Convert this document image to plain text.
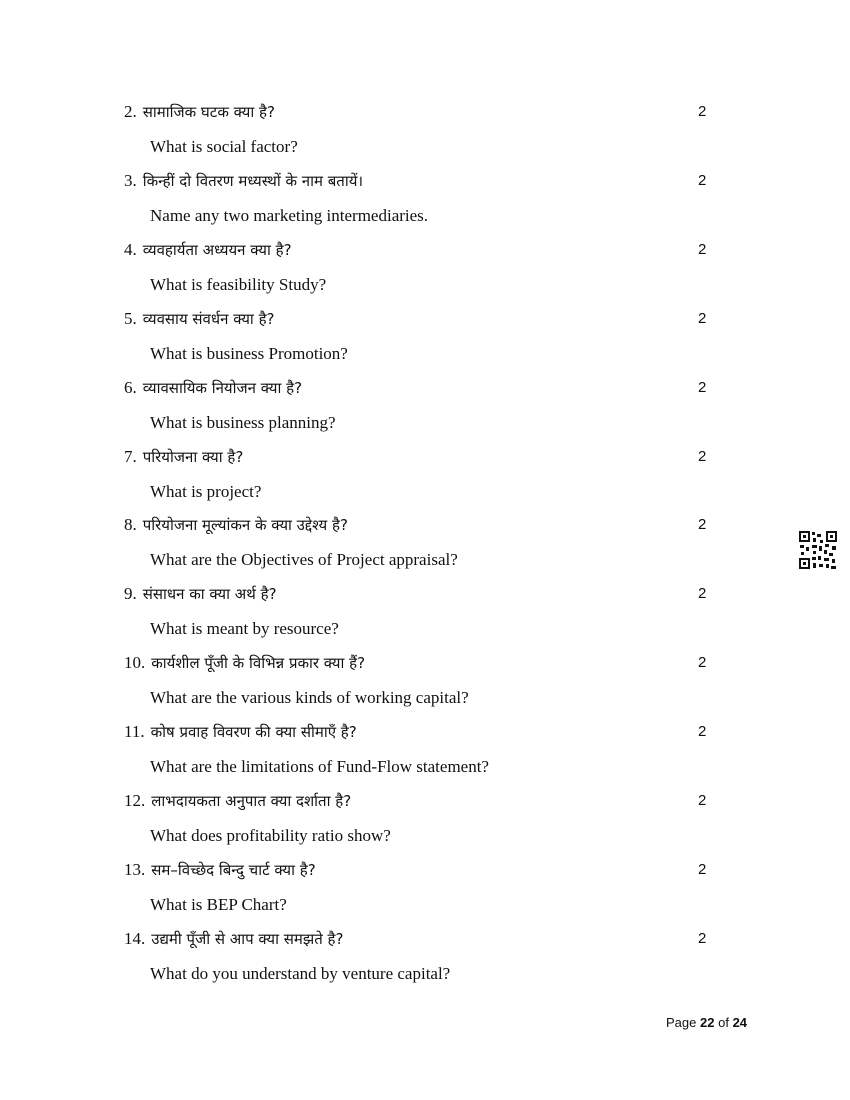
2. सामाजिक घटक क्या है?	2
What is social factor?
3. किन्हीं दो वितरण मध्यस्थों के नाम बतायें।	2
Name any two marketing intermediaries.
4. व्यवहार्यता अध्ययन क्या है?	2
What is feasibility Study?
5. व्यवसाय संवर्धन क्या है?	2
What is business Promotion?
6. व्यावसायिक नियोजन क्या है?	2
What is business planning?
7. परियोजना क्या है?	2
What is project?
8. परियोजना मूल्यांकन के क्या उद्देश्य है?	2
What are the Objectives of Project appraisal?
9. संसाधन का क्या अर्थ है?	2
What is meant by resource?
10. कार्यशील पूँजी के विभिन्न प्रकार क्या हैं?	2
What are the various kinds of working capital?
11. कोष प्रवाह विवरण की क्या सीमाएँ है?	2
What are the limitations of Fund-Flow statement?
12. लाभदायकता अनुपात क्या दर्शाता है?	2
What does profitability ratio show?
13. सम–विच्छेद बिन्दु चार्ट क्या है?	2
What is BEP Chart?
14. उद्यमी पूँजी से आप क्या समझते है?	2
What do you understand by venture capital?
Page 22 of 24
